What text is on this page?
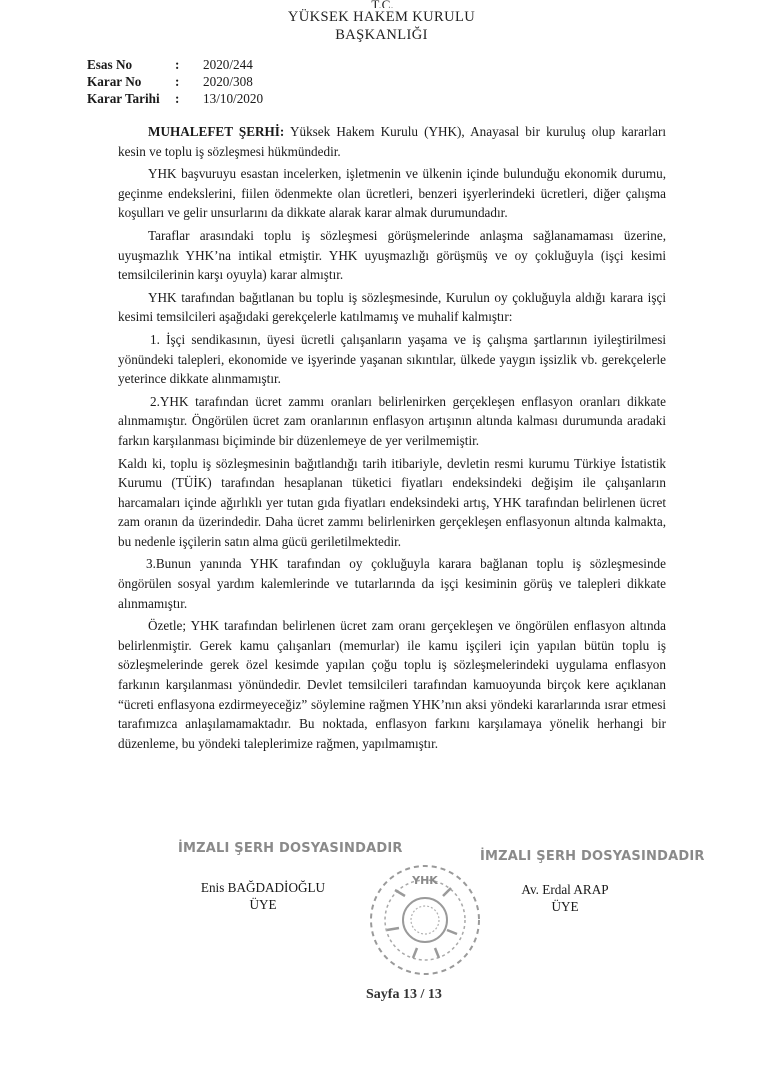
T.C.
YÜKSEK HAKEM KURULU
BAŞKANLIĞI
Esas No	:	2020/244
Karar No	:	2020/308
Karar Tarihi	:	13/10/2020

MUHALEFET ŞERHİ: Yüksek Hakem Kurulu (YHK), Anayasal bir kuruluş olup kararları kesin ve toplu iş sözleşmesi hükmündedir.

YHK başvuruyu esastan incelerken, işletmenin ve ülkenin içinde bulunduğu ekonomik durumu, geçinme endekslerini, fiilen ödenmekte olan ücretleri, benzeri işyerlerindeki ücretleri, diğer çalışma koşulları ve gelir unsurlarını da dikkate alarak karar almak durumundadır.

Taraflar arasındaki toplu iş sözleşmesi görüşmelerinde anlaşma sağlanamaması üzerine, uyuşmazlık YHK’na intikal etmiştir. YHK uyuşmazlığı görüşmüş ve oy çokluğuyla (işçi kesimi temsilcilerinin karşı oyuyla) karar almıştır.

YHK tarafından bağıtlanan bu toplu iş sözleşmesinde, Kurulun oy çokluğuyla aldığı karara işçi kesimi temsilcileri aşağıdaki gerekçelerle katılmamış ve muhalif kalmıştır:

1. İşçi sendikasının, üyesi ücretli çalışanların yaşama ve iş çalışma şartlarının iyileştirilmesi yönündeki talepleri, ekonomide ve işyerinde yaşanan sıkıntılar, ülkede yaygın işsizlik vb. gerekçelerle yeterince dikkate alınmamıştır.

2.YHK tarafından ücret zammı oranları belirlenirken gerçekleşen enflasyon oranları dikkate alınmamıştır. Öngörülen ücret zam oranlarının enflasyon artışının altında kalması durumunda aradaki farkın karşılanması biçiminde bir düzenlemeye de yer verilmemiştir.

Kaldı ki, toplu iş sözleşmesinin bağıtlandığı tarih itibariyle, devletin resmi kurumu Türkiye İstatistik Kurumu (TÜİK) tarafından hesaplanan tüketici fiyatları endeksindeki değişim ile çalışanların harcamaları içinde ağırlıklı yer tutan gıda fiyatları endeksindeki artış, YHK tarafından belirlenen ücret zam oranın da üzerindedir. Daha ücret zammı belirlenirken gerçekleşen enflasyonun altında kalmakta, bu nedenle işçilerin satın alma gücü geriletilmektedir.

3.Bunun yanında YHK tarafından oy çokluğuyla karara bağlanan toplu iş sözleşmesinde öngörülen sosyal yardım kalemlerinde ve tutarlarında da işçi kesiminin görüş ve talepleri dikkate alınmamıştır.

Özetle; YHK tarafından belirlenen ücret zam oranı gerçekleşen ve öngörülen enflasyon altında belirlenmiştir. Gerek kamu çalışanları (memurlar) ile kamu işçileri için yapılan bütün toplu iş sözleşmelerinde gerek özel kesimde yapılan çoğu toplu iş sözleşmelerindeki uygulama enflasyon farkının karşılanması yönündedir. Devlet temsilcileri tarafından kamuoyunda birçok kere açıklanan “ücreti enflasyona ezdirmeyeceğiz” söylemine rağmen YHK’nın aksi yöndeki kararlarında ısrar etmesi tarafımızca anlaşılamamaktadır. Bu noktada, enflasyon farkını karşılamaya yönelik herhangi bir düzenleme, bu yöndeki taleplerimize rağmen, yapılmamıştır.

İMZALI ŞERH DOSYASINDADIR
İMZALI ŞERH DOSYASINDADIR
Enis BAĞDADİOĞLU
ÜYE
Av. Erdal ARAP
ÜYE
YHK
Sayfa 13 / 13
